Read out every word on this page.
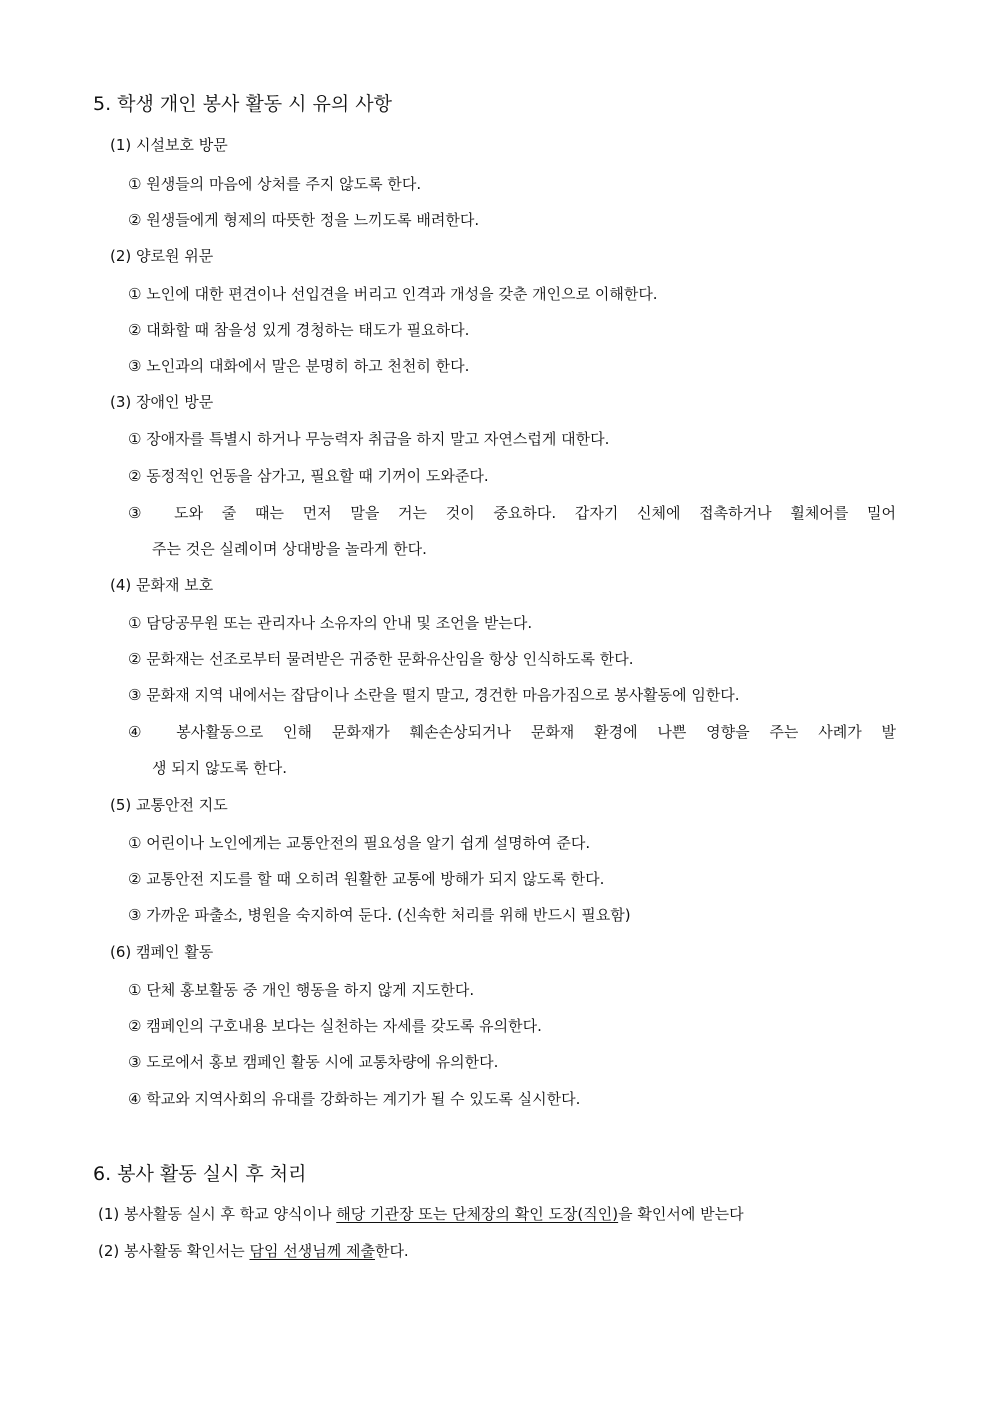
5. 학생 개인 봉사 활동 시 유의 사항
(1) 시설보호 방문
① 원생들의 마음에 상처를 주지 않도록 한다.
② 원생들에게 형제의 따뜻한 정을 느끼도록 배려한다.
(2) 양로원 위문
① 노인에 대한 편견이나 선입견을 버리고 인격과 개성을 갖춘 개인으로 이해한다.
② 대화할 때 참을성 있게 경청하는 태도가 필요하다.
③ 노인과의 대화에서 말은 분명히 하고 천천히 한다.
(3) 장애인 방문
① 장애자를 특별시 하거나 무능력자 취급을 하지 말고 자연스럽게 대한다.
② 동정적인 언동을 삼가고, 필요할 때 기꺼이 도와준다.
③ 도와 줄 때는 먼저 말을 거는 것이 중요하다. 갑자기 신체에 접촉하거나 휠체어를 밀어
주는 것은 실례이며 상대방을 놀라게 한다.
(4) 문화재 보호
① 담당공무원 또는 관리자나 소유자의 안내 및 조언을 받는다.
② 문화재는 선조로부터 물려받은 귀중한 문화유산임을 항상 인식하도록 한다.
③ 문화재 지역 내에서는 잡담이나 소란을 떨지 말고, 경건한 마음가짐으로 봉사활동에 임한다.
④ 봉사활동으로 인해 문화재가 훼손손상되거나 문화재 환경에 나쁜 영향을 주는 사례가 발
생 되지 않도록 한다.
(5) 교통안전 지도
① 어린이나 노인에게는 교통안전의 필요성을 알기 쉽게 설명하여 준다.
② 교통안전 지도를 할 때 오히려 원활한 교통에 방해가 되지 않도록 한다.
③ 가까운 파출소, 병원을 숙지하여 둔다. (신속한 처리를 위해 반드시 필요함)
(6) 캠페인 활동
① 단체 홍보활동 중 개인 행동을 하지 않게 지도한다.
② 캠페인의 구호내용 보다는 실천하는 자세를 갖도록 유의한다.
③ 도로에서 홍보 캠페인 활동 시에 교통차량에 유의한다.
④ 학교와 지역사회의 유대를 강화하는 계기가 될 수 있도록 실시한다.
6. 봉사 활동 실시 후 처리
(1) 봉사활동 실시 후 학교 양식이나 해당 기관장 또는 단체장의 확인 도장(직인)을 확인서에 받는다
(2) 봉사활동 확인서는 담임 선생님께 제출한다.
